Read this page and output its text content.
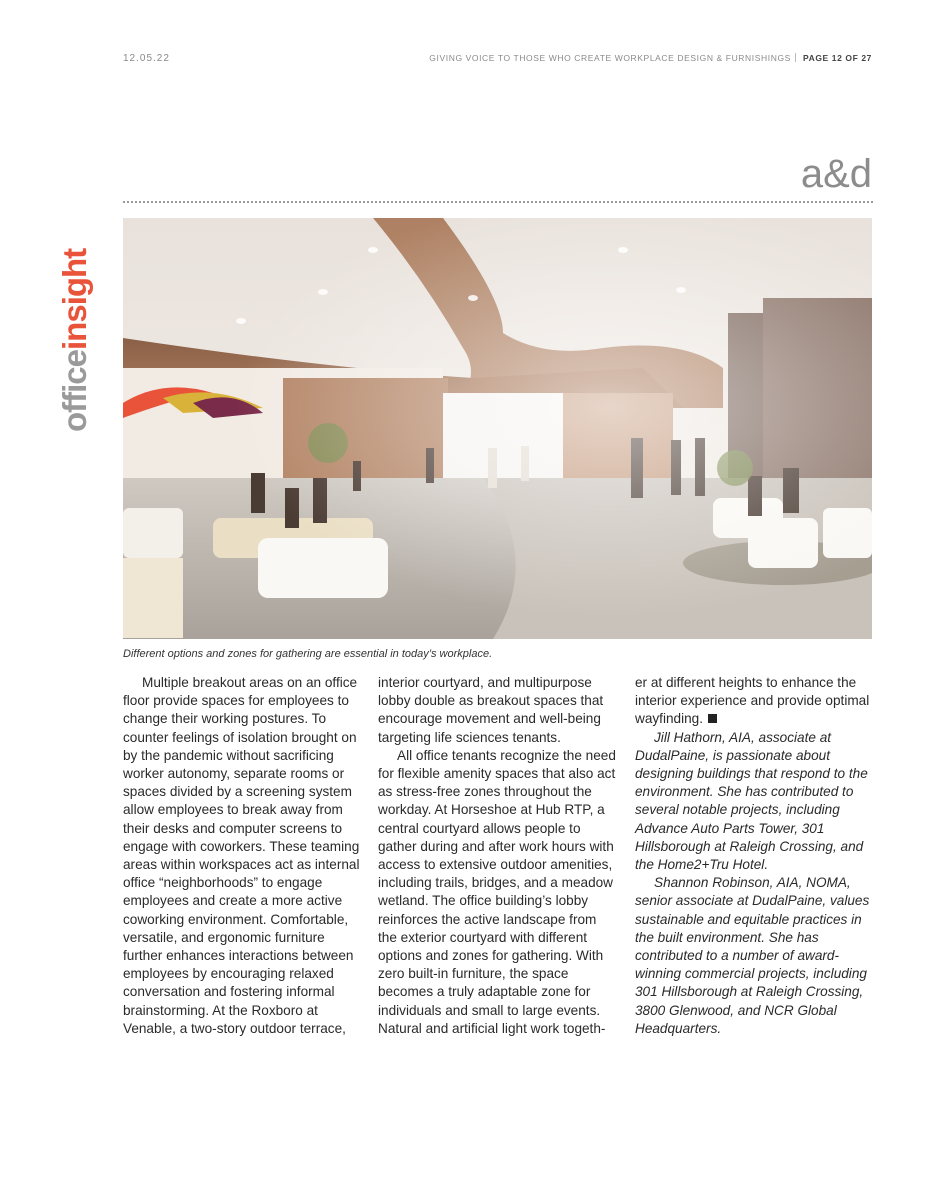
12.05.22	GIVING VOICE TO THOSE WHO CREATE WORKPLACE DESIGN & FURNISHINGS PAGE 12 OF 27
a&d
officeinsight
Different options and zones for gathering are essential in today’s workplace.

Multiple breakout areas on an office floor provide spaces for employees to change their working postures. To counter feelings of isolation brought on by the pandemic without sacrificing worker autonomy, separate rooms or spaces divided by a screening system allow employees to break away from their desks and computer screens to engage with coworkers. These teaming areas within workspaces act as internal office “neighborhoods” to engage employees and create a more active coworking environment. Comfortable, versatile, and ergonomic furniture further enhances interactions between employees by encouraging relaxed conversation and fostering informal brainstorming. At the Roxboro at Venable, a two-story outdoor terrace,

interior courtyard, and multipurpose lobby double as breakout spaces that encourage movement and well-being targeting life sciences tenants.

All office tenants recognize the need for flexible amenity spaces that also act as stress-free zones throughout the workday. At Horseshoe at Hub RTP, a central courtyard allows people to gather during and after work hours with access to extensive outdoor amenities, including trails, bridges, and a meadow wetland. The office building’s lobby reinforces the active landscape from the exterior courtyard with different options and zones for gathering. With zero built-in furniture, the space becomes a truly adaptable zone for individuals and small to large events. Natural and artificial light work togeth-

er at different heights to enhance the interior experience and provide optimal wayfinding.

Jill Hathorn, AIA, associate at DudalPaine, is passionate about designing buildings that respond to the environment. She has contributed to several notable projects, including Advance Auto Parts Tower, 301 Hillsborough at Raleigh Crossing, and the Home2+Tru Hotel.

Shannon Robinson, AIA, NOMA, senior associate at DudalPaine, values sustainable and equitable practices in the built environment. She has contributed to a number of award-winning commercial projects, including 301 Hillsborough at Raleigh Crossing, 3800 Glenwood, and NCR Global Headquarters.
